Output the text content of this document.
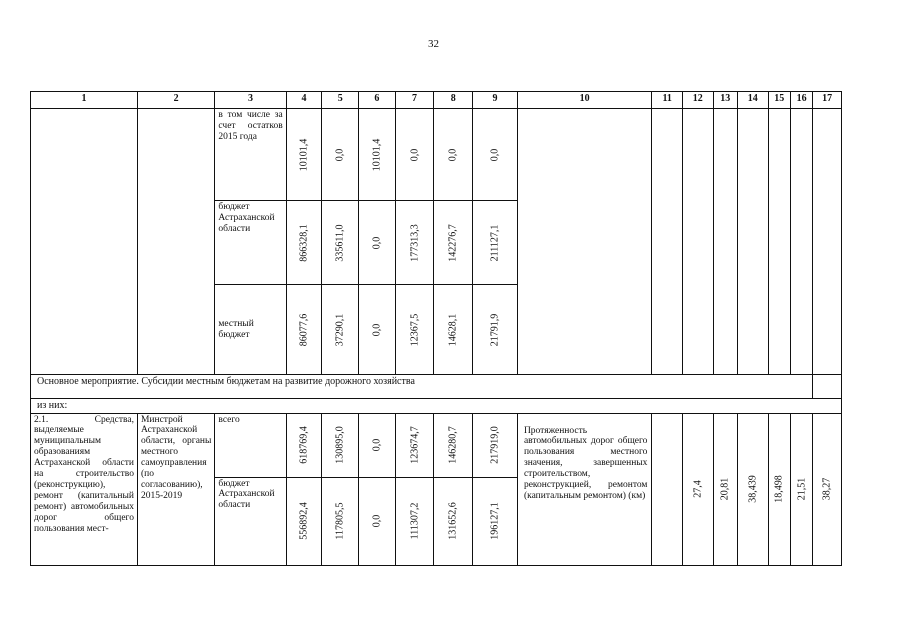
32
1	2	3	4	5	6	7	8	9	10	11	12	13	14	15	16	17
		в том числе за счет остатков 2015 года	10101,4	0,0	10101,4	0,0	0,0	0,0								

		бюджет Астраханской области	866328,1	335611,0	0,0	177313,3	142276,7	211127,1								

		местный бюджет	86077,6	37290,1	0,0	12367,5	14628,1	21791,9								

Основное мероприятие. Субсидии местным бюджетам на развитие дорожного хозяйства																
из них:																
2.1. Средства, выделяемые муниципальным образованиям Астраханской области на строительство (реконструкцию), ремонт (капитальный ремонт) автомобильных дорог общего пользования мест-	Минстрой Астраханской области, органы местного самоуправления (по согласованию), 2015-2019	всего	618769,4	130895,0	0,0	123674,7	146280,7	217919,0	Протяженность автомобильных дорог общего пользования местного значения, завершенных строительством, реконструкцией, ремонтом (капитальным ремонтом) (км)		27,4	20,81	38,439	18,498	21,51	38,27

		бюджет Астраханской области	556892,4	117805,5	0,0	111307,2	131652,6	196127,1								
